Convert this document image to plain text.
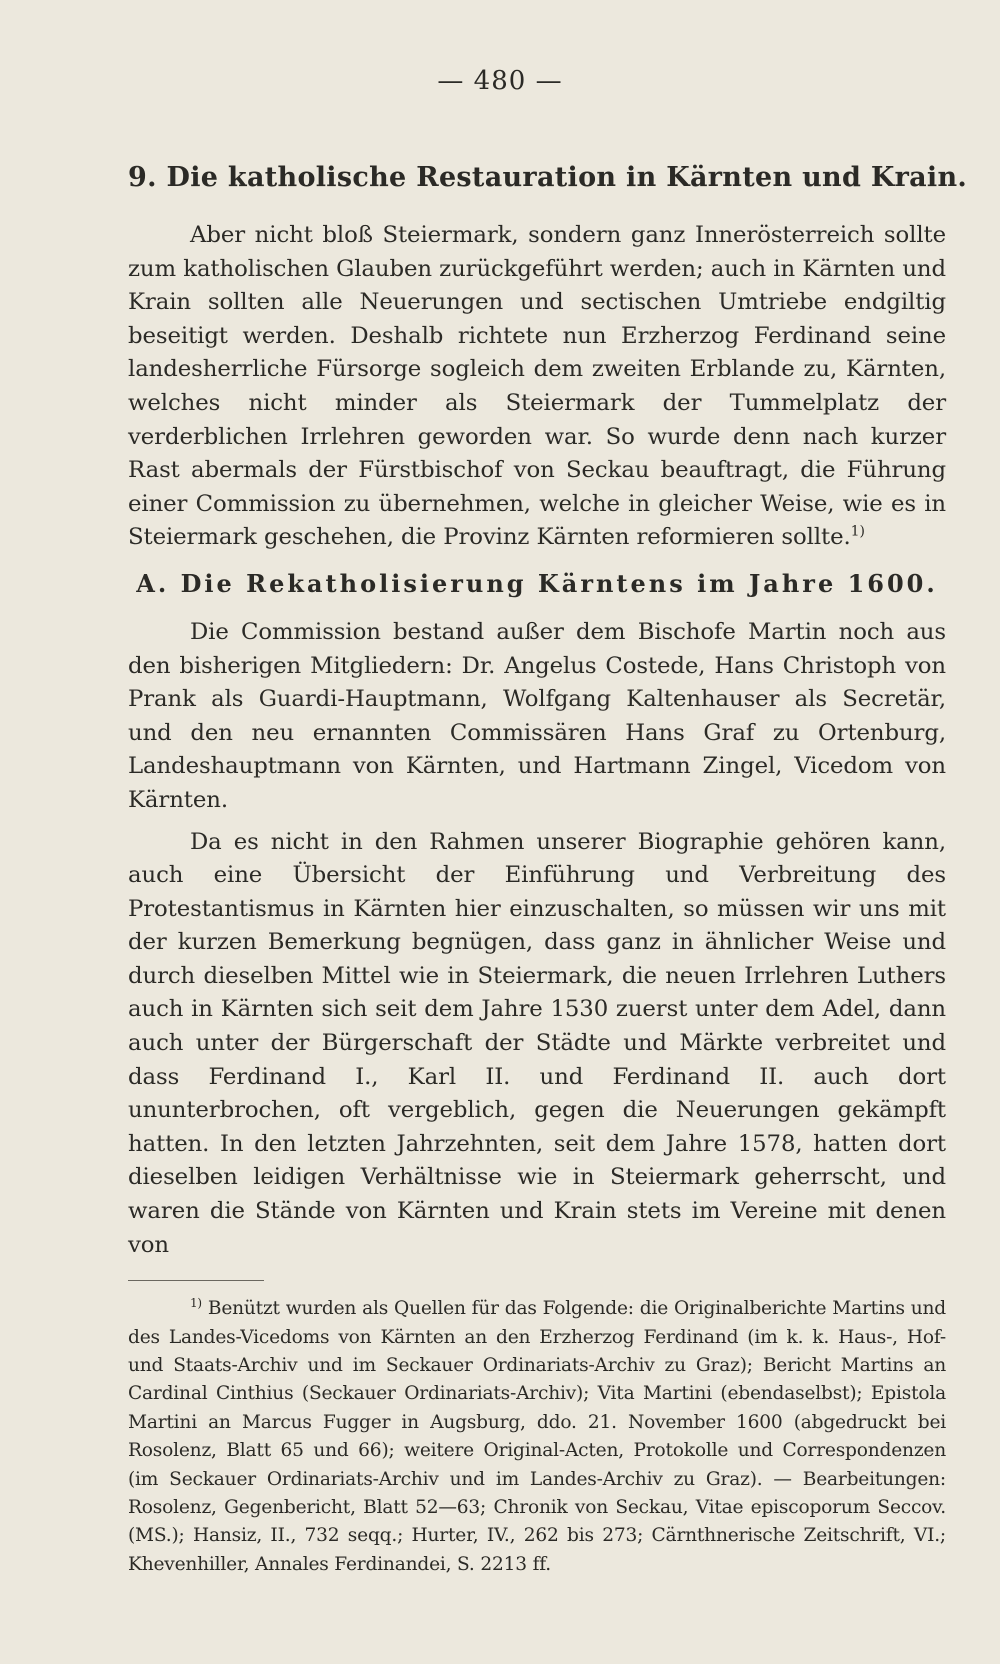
— 480 —
9. Die katholische Restauration in Kärnten und Krain.

Aber nicht bloß Steiermark, sondern ganz Innerösterreich sollte zum katholischen Glauben zurückgeführt werden; auch in Kärnten und Krain sollten alle Neuerungen und sectischen Umtriebe endgiltig beseitigt werden. Deshalb richtete nun Erzherzog Ferdinand seine landesherrliche Fürsorge sogleich dem zweiten Erblande zu, Kärnten, welches nicht minder als Steiermark der Tummelplatz der verderblichen Irrlehren geworden war. So wurde denn nach kurzer Rast abermals der Fürstbischof von Seckau beauftragt, die Führung einer Commission zu übernehmen, welche in gleicher Weise, wie es in Steiermark geschehen, die Provinz Kärnten reformieren sollte.$^{1)}$

A. Die Rekatholisierung Kärntens im Jahre 1600.

Die Commission bestand außer dem Bischofe Martin noch aus den bisherigen Mitgliedern: Dr. Angelus Costede, Hans Christoph von Prank als Guardi-Hauptmann, Wolfgang Kaltenhauser als Secretär, und den neu ernannten Commissären Hans Graf zu Ortenburg, Landeshauptmann von Kärnten, und Hartmann Zingel, Vicedom von Kärnten.

Da es nicht in den Rahmen unserer Biographie gehören kann, auch eine Übersicht der Einführung und Verbreitung des Protestantismus in Kärnten hier einzuschalten, so müssen wir uns mit der kurzen Bemerkung begnügen, dass ganz in ähnlicher Weise und durch dieselben Mittel wie in Steiermark, die neuen Irrlehren Luthers auch in Kärnten sich seit dem Jahre 1530 zuerst unter dem Adel, dann auch unter der Bürgerschaft der Städte und Märkte verbreitet und dass Ferdinand I., Karl II. und Ferdinand II. auch dort ununterbrochen, oft vergeblich, gegen die Neuerungen gekämpft hatten. In den letzten Jahrzehnten, seit dem Jahre 1578, hatten dort dieselben leidigen Verhältnisse wie in Steiermark geherrscht, und waren die Stände von Kärnten und Krain stets im Vereine mit denen von

$^{1)}$ Benützt wurden als Quellen für das Folgende: die Originalberichte Martins und des Landes-Vicedoms von Kärnten an den Erzherzog Ferdinand (im k. k. Haus-, Hof- und Staats-Archiv und im Seckauer Ordinariats-Archiv zu Graz); Bericht Martins an Cardinal Cinthius (Seckauer Ordinariats-Archiv); Vita Martini (ebendaselbst); Epistola Martini an Marcus Fugger in Augsburg, ddo. 21. November 1600 (abgedruckt bei Rosolenz, Blatt 65 und 66); weitere Original-Acten, Protokolle und Correspondenzen (im Seckauer Ordinariats-Archiv und im Landes-Archiv zu Graz). — Bearbeitungen: Rosolenz, Gegenbericht, Blatt 52—63; Chronik von Seckau, Vitae episcoporum Seccov. (MS.); Hansiz, II., 732 seqq.; Hurter, IV., 262 bis 273; Cärnthnerische Zeitschrift, VI.; Khevenhiller, Annales Ferdinandei, S. 2213 ff.
